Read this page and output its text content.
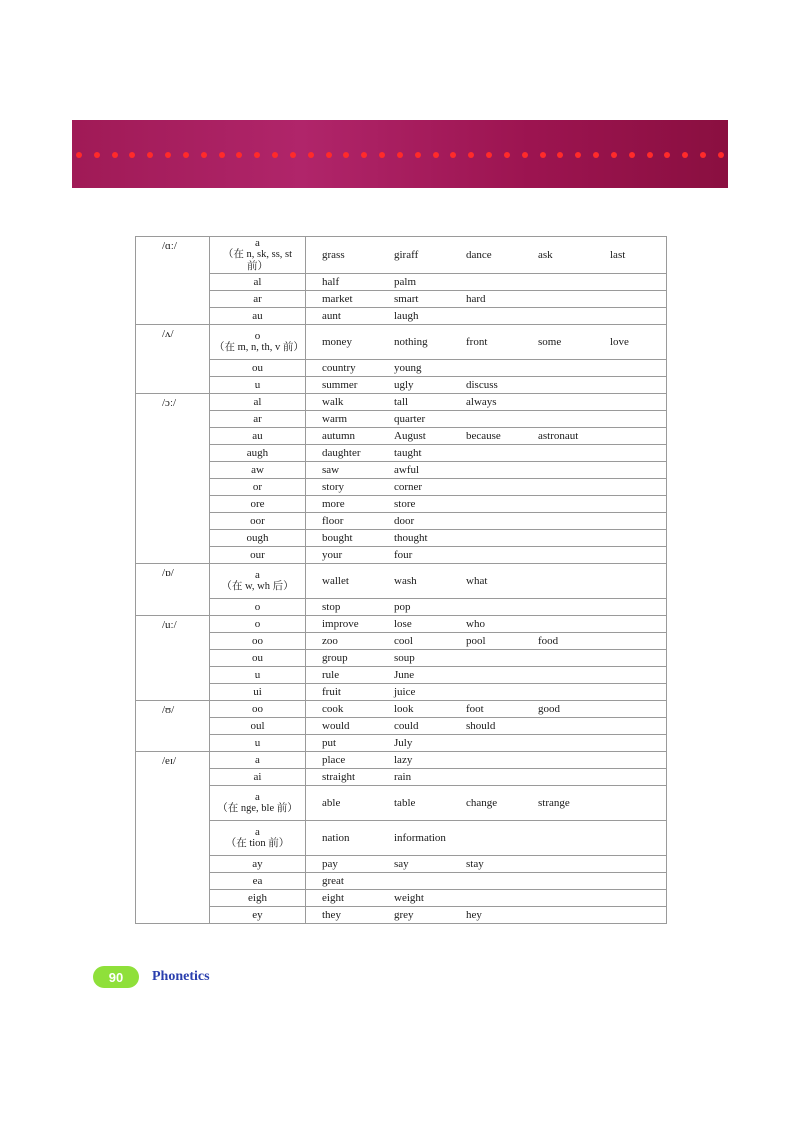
/ɑː/	a
（在 n, sk, ss, st 前）	grass giraff dance ask last

	al	half palm

	ar	market smart hard

	au	aunt laugh

/ʌ/	o
（在 m, n, th, v 前）	money nothing front some love

	ou	country young

	u	summer ugly discuss

/ɔː/	al	walk tall always

	ar	warm quarter

	au	autumn August because astronaut

	augh	daughter taught

	aw	saw awful

	or	story corner

	ore	more store

	oor	floor door

	ough	bought thought

	our	your four

/ɒ/	a
（在 w, wh 后）	wallet wash what

	o	stop pop

/uː/	o	improve lose who

	oo	zoo cool pool food

	ou	group soup

	u	rule June

	ui	fruit juice

/ʊ/	oo	cook look foot good

	oul	would could should

	u	put July

/eɪ/	a	place lazy

	ai	straight rain

	a
（在 nge, ble 前）	able table change strange

	a
（在 tion 前）	nation information

	ay	pay say stay

	ea	great

	eigh	eight weight

	ey	they grey hey
90 Phonetics
